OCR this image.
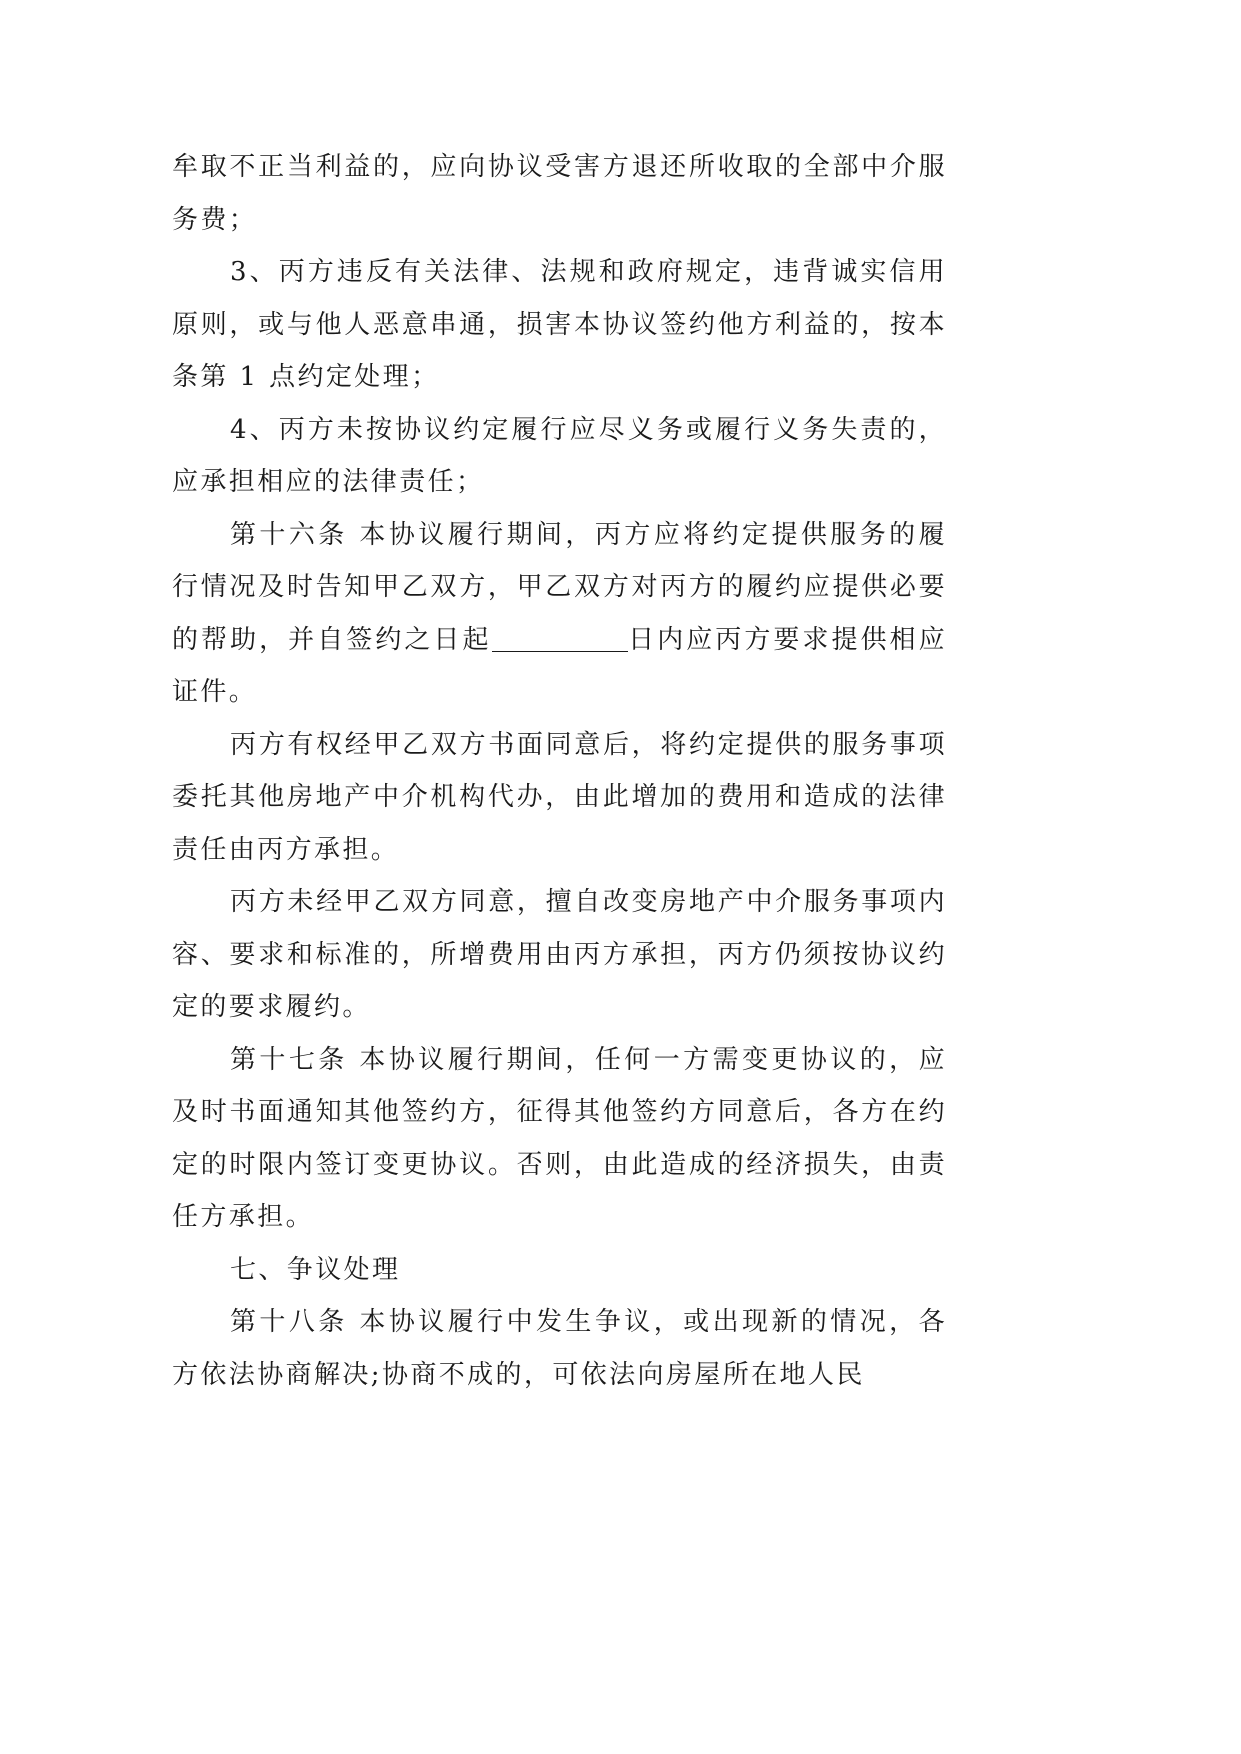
牟取不正当利益的，应向协议受害方退还所收取的全部中介服务费；

3、丙方违反有关法律、法规和政府规定，违背诚实信用原则，或与他人恶意串通，损害本协议签约他方利益的，按本条第 1 点约定处理；

4、丙方未按协议约定履行应尽义务或履行义务失责的，应承担相应的法律责任；

第十六条 本协议履行期间，丙方应将约定提供服务的履行情况及时告知甲乙双方，甲乙双方对丙方的履约应提供必要的帮助，并自签约之日起	日内应丙方要求提供相应证件。

丙方有权经甲乙双方书面同意后，将约定提供的服务事项委托其他房地产中介机构代办，由此增加的费用和造成的法律责任由丙方承担。

丙方未经甲乙双方同意，擅自改变房地产中介服务事项内容、要求和标准的，所增费用由丙方承担，丙方仍须按协议约定的要求履约。

第十七条 本协议履行期间，任何一方需变更协议的，应及时书面通知其他签约方，征得其他签约方同意后，各方在约定的时限内签订变更协议。否则，由此造成的经济损失，由责任方承担。

七、争议处理

第十八条 本协议履行中发生争议，或出现新的情况，各方依法协商解决;协商不成的，可依法向房屋所在地人民
